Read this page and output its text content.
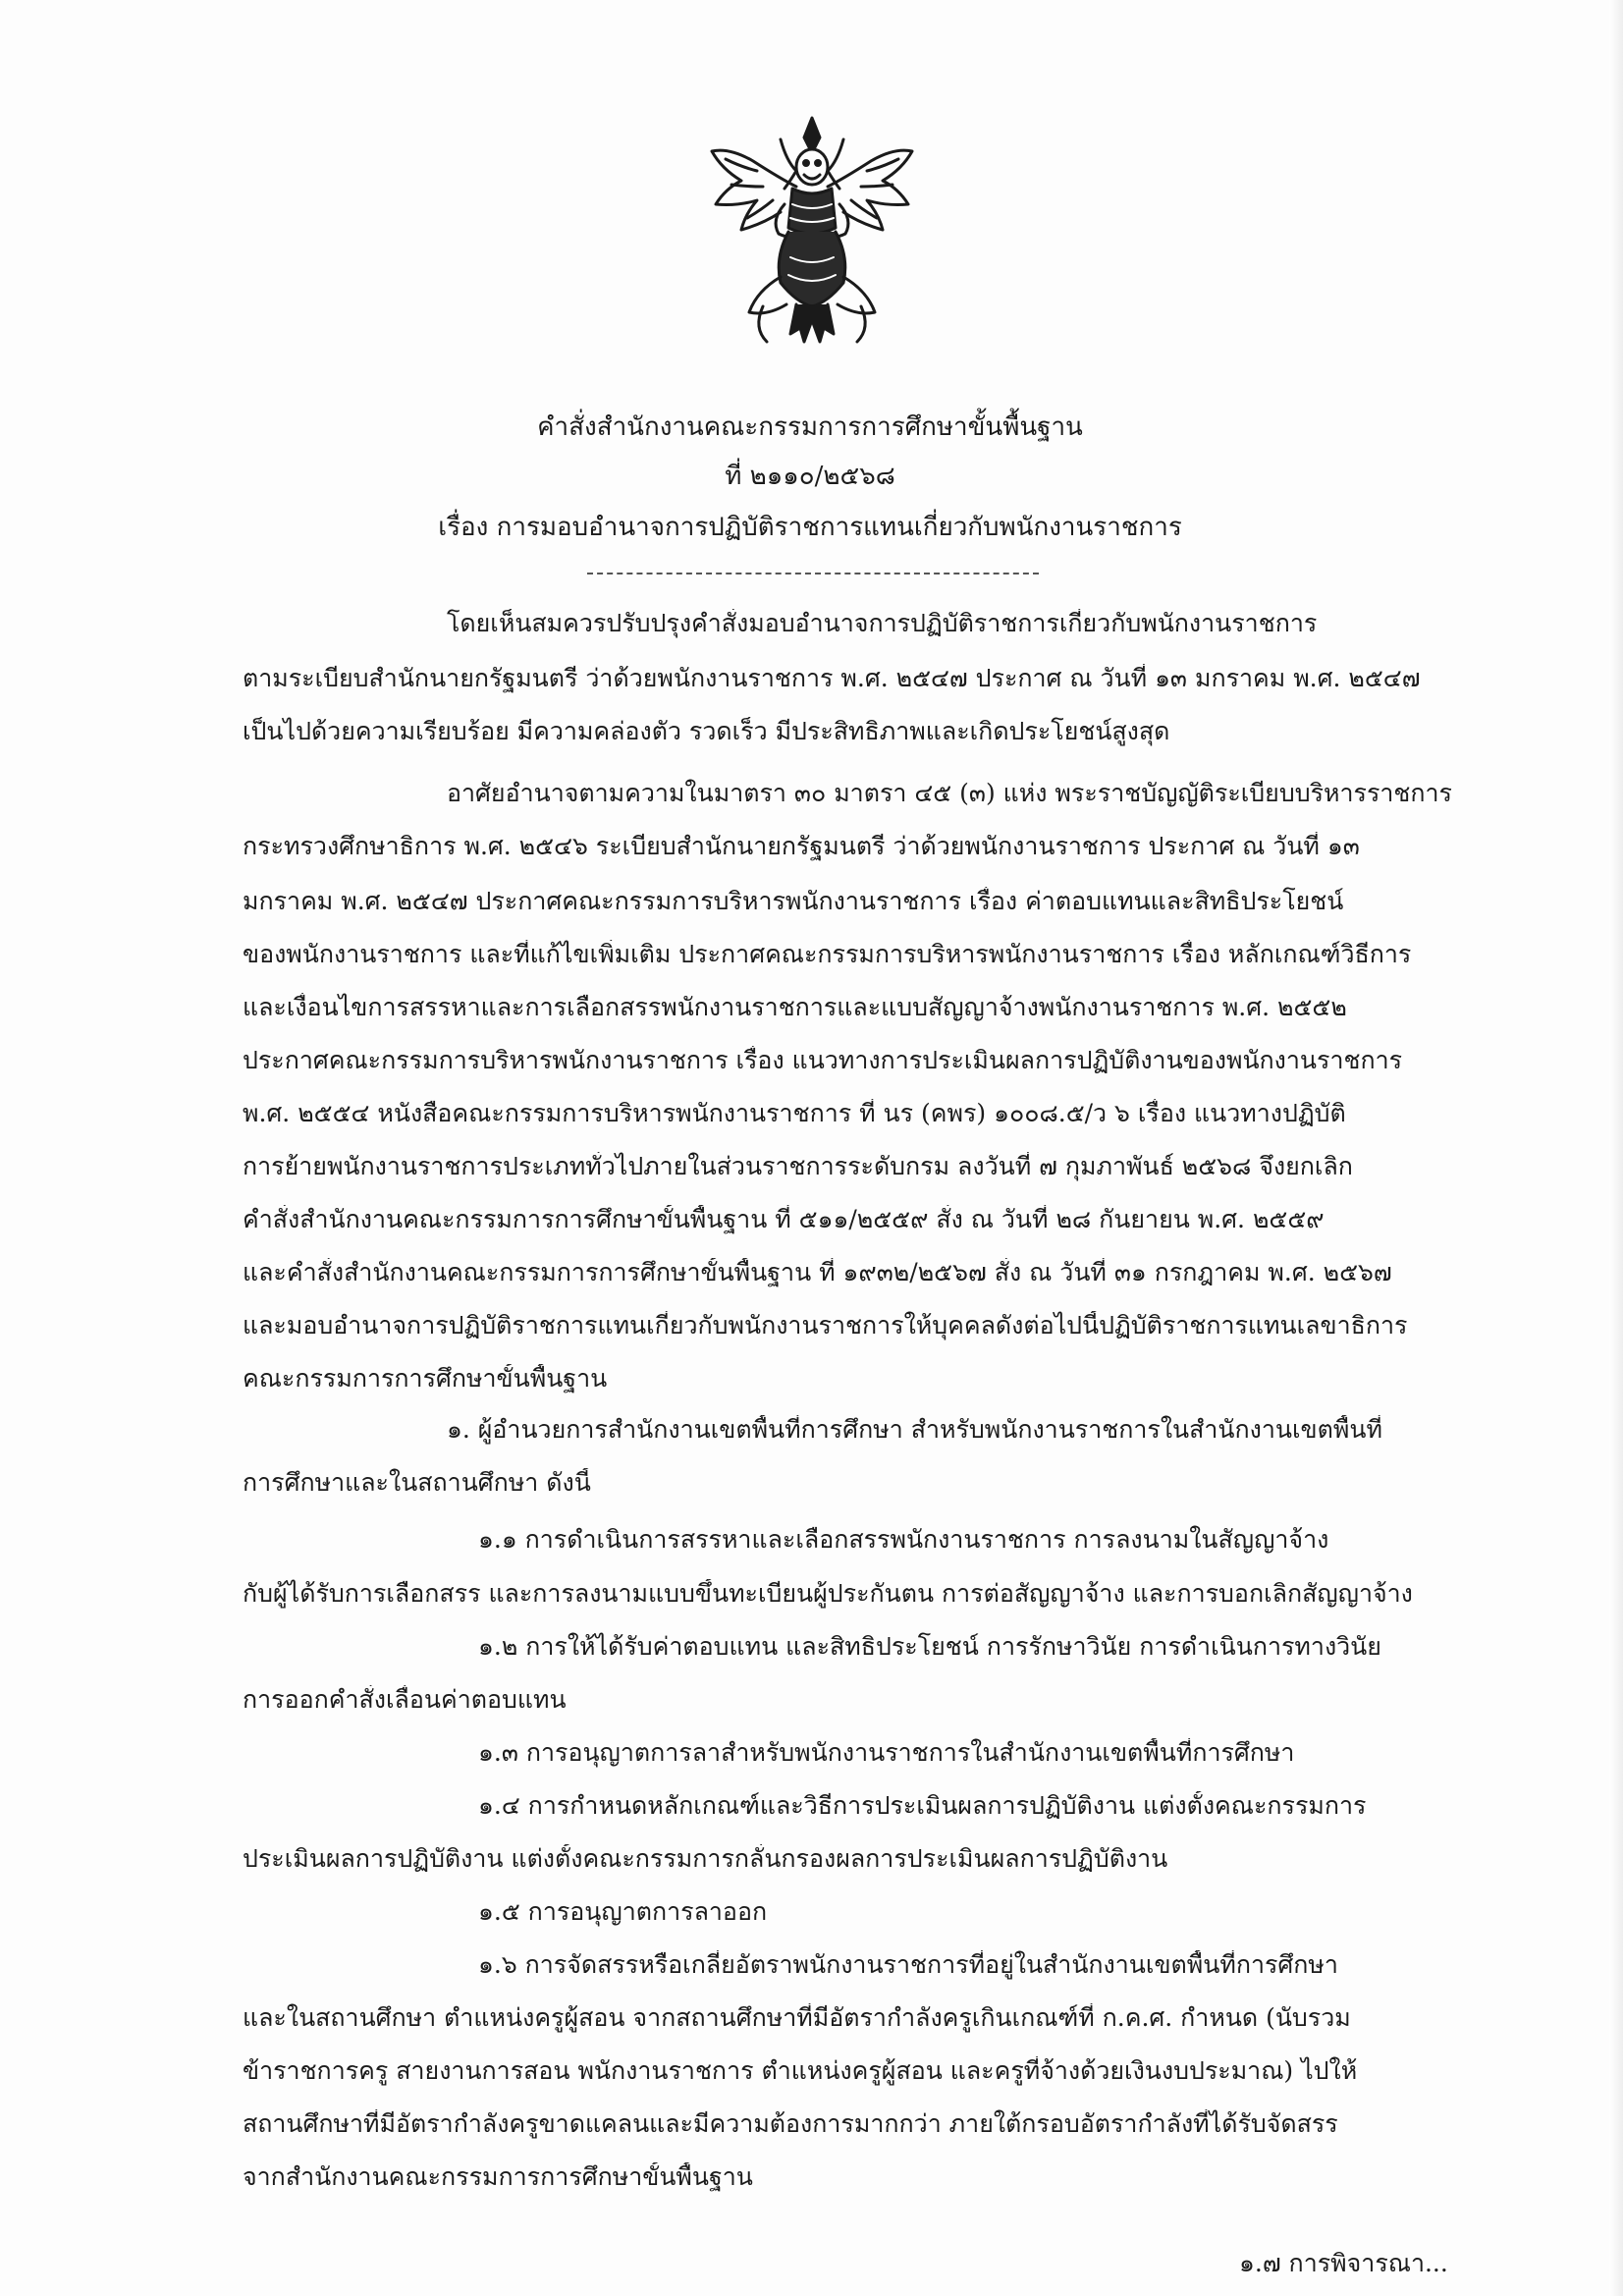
คำสั่งสำนักงานคณะกรรมการการศึกษาขั้นพื้นฐาน
ที่ ๒๑๑๐/๒๕๖๘
เรื่อง การมอบอำนาจการปฏิบัติราชการแทนเกี่ยวกับพนักงานราชการ
โดยเห็นสมควรปรับปรุงคำสั่งมอบอำนาจการปฏิบัติราชการเกี่ยวกับพนักงานราชการ
ตามระเบียบสำนักนายกรัฐมนตรี ว่าด้วยพนักงานราชการ พ.ศ. ๒๕๔๗ ประกาศ ณ วันที่ ๑๓ มกราคม พ.ศ. ๒๕๔๗
เป็นไปด้วยความเรียบร้อย มีความคล่องตัว รวดเร็ว มีประสิทธิภาพและเกิดประโยชน์สูงสุด
อาศัยอำนาจตามความในมาตรา ๓๐ มาตรา ๔๕ (๓) แห่ง พระราชบัญญัติระเบียบบริหารราชการ
กระทรวงศึกษาธิการ พ.ศ. ๒๕๔๖ ระเบียบสำนักนายกรัฐมนตรี ว่าด้วยพนักงานราชการ ประกาศ ณ วันที่ ๑๓
มกราคม พ.ศ. ๒๕๔๗ ประกาศคณะกรรมการบริหารพนักงานราชการ เรื่อง ค่าตอบแทนและสิทธิประโยชน์
ของพนักงานราชการ และที่แก้ไขเพิ่มเติม ประกาศคณะกรรมการบริหารพนักงานราชการ เรื่อง หลักเกณฑ์วิธีการ
และเงื่อนไขการสรรหาและการเลือกสรรพนักงานราชการและแบบสัญญาจ้างพนักงานราชการ พ.ศ. ๒๕๕๒
ประกาศคณะกรรมการบริหารพนักงานราชการ เรื่อง แนวทางการประเมินผลการปฏิบัติงานของพนักงานราชการ
พ.ศ. ๒๕๕๔ หนังสือคณะกรรมการบริหารพนักงานราชการ ที่ นร (คพร) ๑๐๐๘.๕/ว ๖ เรื่อง แนวทางปฏิบัติ
การย้ายพนักงานราชการประเภททั่วไปภายในส่วนราชการระดับกรม ลงวันที่ ๗ กุมภาพันธ์ ๒๕๖๘ จึงยกเลิก
คำสั่งสำนักงานคณะกรรมการการศึกษาขั้นพื้นฐาน ที่ ๕๑๑/๒๕๕๙ สั่ง ณ วันที่ ๒๘ กันยายน พ.ศ. ๒๕๕๙
และคำสั่งสำนักงานคณะกรรมการการศึกษาขั้นพื้นฐาน ที่ ๑๙๓๒/๒๕๖๗ สั่ง ณ วันที่ ๓๑ กรกฎาคม พ.ศ. ๒๕๖๗
และมอบอำนาจการปฏิบัติราชการแทนเกี่ยวกับพนักงานราชการให้บุคคลดังต่อไปนี้ปฏิบัติราชการแทนเลขาธิการ
คณะกรรมการการศึกษาขั้นพื้นฐาน
๑. ผู้อำนวยการสำนักงานเขตพื้นที่การศึกษา สำหรับพนักงานราชการในสำนักงานเขตพื้นที่
การศึกษาและในสถานศึกษา ดังนี้
๑.๑ การดำเนินการสรรหาและเลือกสรรพนักงานราชการ การลงนามในสัญญาจ้าง
กับผู้ได้รับการเลือกสรร และการลงนามแบบขึ้นทะเบียนผู้ประกันตน การต่อสัญญาจ้าง และการบอกเลิกสัญญาจ้าง
๑.๒ การให้ได้รับค่าตอบแทน และสิทธิประโยชน์ การรักษาวินัย การดำเนินการทางวินัย
การออกคำสั่งเลื่อนค่าตอบแทน
๑.๓ การอนุญาตการลาสำหรับพนักงานราชการในสำนักงานเขตพื้นที่การศึกษา
๑.๔ การกำหนดหลักเกณฑ์และวิธีการประเมินผลการปฏิบัติงาน แต่งตั้งคณะกรรมการ
ประเมินผลการปฏิบัติงาน แต่งตั้งคณะกรรมการกลั่นกรองผลการประเมินผลการปฏิบัติงาน
๑.๕ การอนุญาตการลาออก
๑.๖ การจัดสรรหรือเกลี่ยอัตราพนักงานราชการที่อยู่ในสำนักงานเขตพื้นที่การศึกษา
และในสถานศึกษา ตำแหน่งครูผู้สอน จากสถานศึกษาที่มีอัตรากำลังครูเกินเกณฑ์ที่ ก.ค.ศ. กำหนด (นับรวม
ข้าราชการครู สายงานการสอน พนักงานราชการ ตำแหน่งครูผู้สอน และครูที่จ้างด้วยเงินงบประมาณ) ไปให้
สถานศึกษาที่มีอัตรากำลังครูขาดแคลนและมีความต้องการมากกว่า ภายใต้กรอบอัตรากำลังที่ได้รับจัดสรร
จากสำนักงานคณะกรรมการการศึกษาขั้นพื้นฐาน
๑.๗ การพิจารณา...
